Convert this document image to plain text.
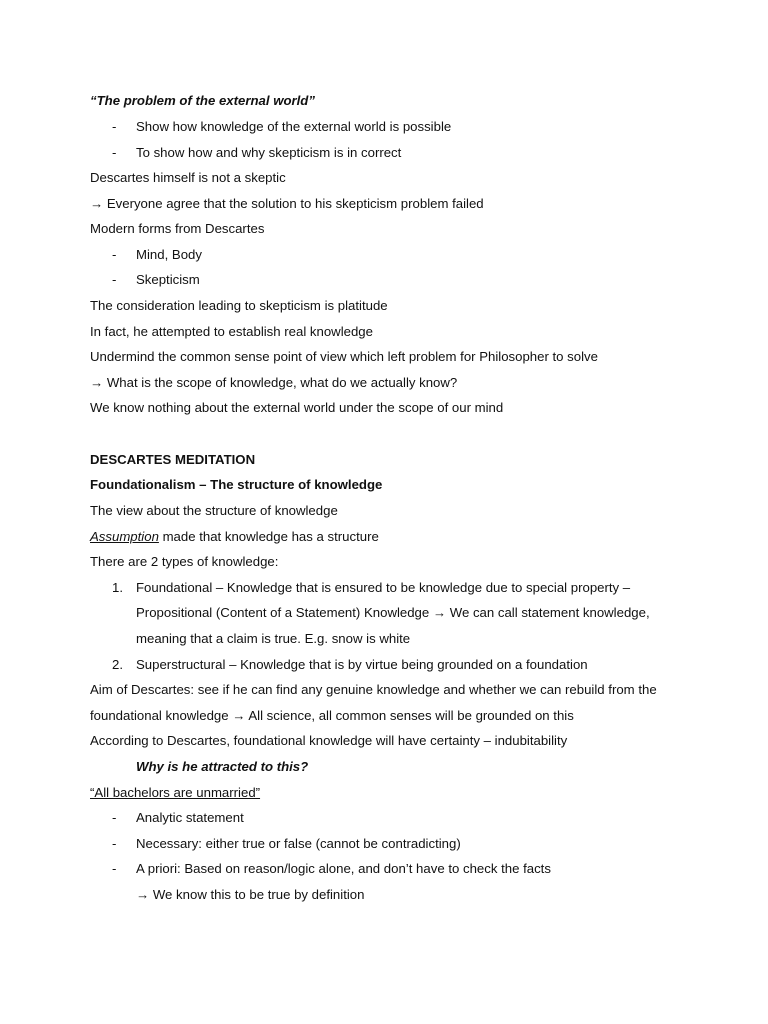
“The problem of the external world”
- Show how knowledge of the external world is possible
- To show how and why skepticism is in correct
Descartes himself is not a skeptic
→ Everyone agree that the solution to his skepticism problem failed
Modern forms from Descartes
- Mind, Body
- Skepticism
The consideration leading to skepticism is platitude
In fact, he attempted to establish real knowledge
Undermind the common sense point of view which left problem for Philosopher to solve
→ What is the scope of knowledge, what do we actually know?
We know nothing about the external world under the scope of our mind
DESCARTES MEDITATION
Foundationalism – The structure of knowledge
The view about the structure of knowledge
Assumption made that knowledge has a structure
There are 2 types of knowledge:
1. Foundational – Knowledge that is ensured to be knowledge due to special property –
Propositional (Content of a Statement) Knowledge → We can call statement knowledge,
meaning that a claim is true. E.g. snow is white
2. Superstructural – Knowledge that is by virtue being grounded on a foundation
Aim of Descartes: see if he can find any genuine knowledge and whether we can rebuild from the
foundational knowledge → All science, all common senses will be grounded on this
According to Descartes, foundational knowledge will have certainty – indubitability
Why is he attracted to this?
“All bachelors are unmarried”
- Analytic statement
- Necessary: either true or false (cannot be contradicting)
- A priori: Based on reason/logic alone, and don’t have to check the facts
→ We know this to be true by definition
